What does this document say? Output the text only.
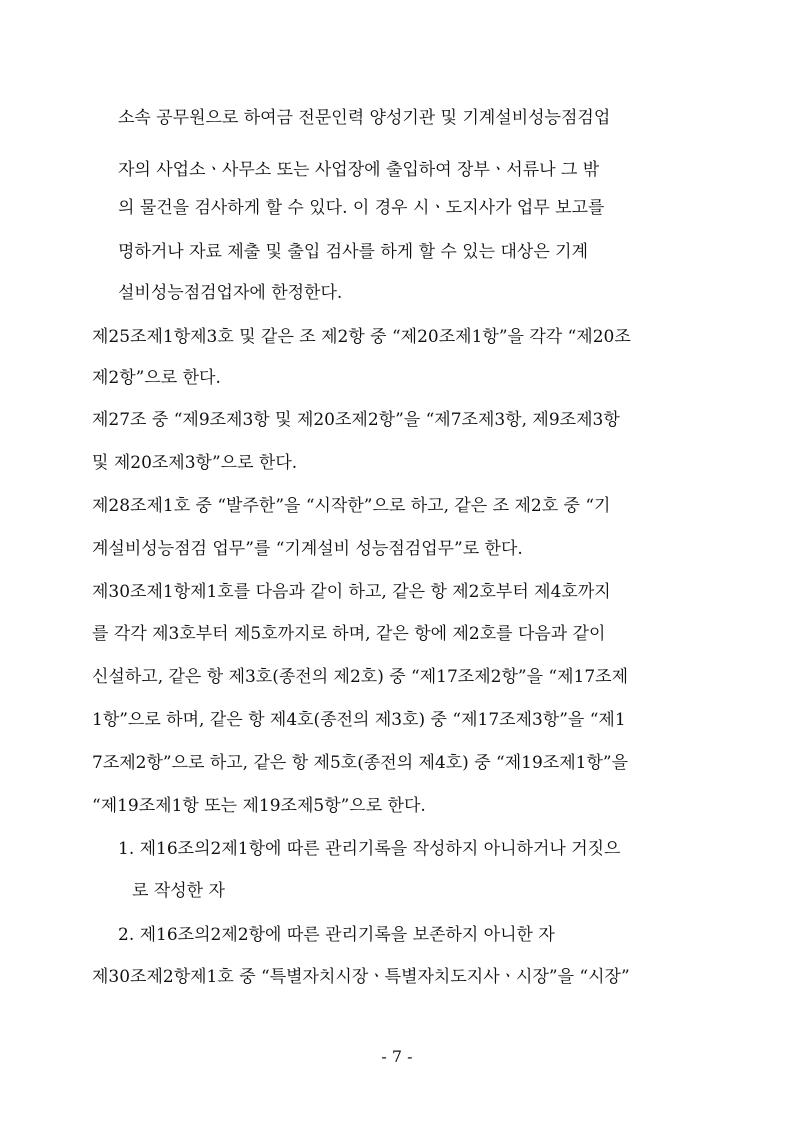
소속 공무원으로 하여금 전문인력 양성기관 및 기계설비성능점검업
자의 사업소ㆍ사무소 또는 사업장에 출입하여 장부ㆍ서류나 그 밖
의 물건을 검사하게 할 수 있다. 이 경우 시ㆍ도지사가 업무 보고를
명하거나 자료 제출 및 출입 검사를 하게 할 수 있는 대상은 기계
설비성능점검업자에 한정한다.
제25조제1항제3호 및 같은 조 제2항 중 “제20조제1항”을 각각 “제20조
제2항”으로 한다.
제27조 중 “제9조제3항 및 제20조제2항”을 “제7조제3항, 제9조제3항
및 제20조제3항”으로 한다.
제28조제1호 중 “발주한”을 “시작한”으로 하고, 같은 조 제2호 중 “기
계설비성능점검 업무”를 “기계설비 성능점검업무”로 한다.
제30조제1항제1호를 다음과 같이 하고, 같은 항 제2호부터 제4호까지
를 각각 제3호부터 제5호까지로 하며, 같은 항에 제2호를 다음과 같이
신설하고, 같은 항 제3호(종전의 제2호) 중 “제17조제2항”을 “제17조제
1항”으로 하며, 같은 항 제4호(종전의 제3호) 중 “제17조제3항”을 “제1
7조제2항”으로 하고, 같은 항 제5호(종전의 제4호) 중 “제19조제1항”을
“제19조제1항 또는 제19조제5항”으로 한다.
1. 제16조의2제1항에 따른 관리기록을 작성하지 아니하거나 거짓으
로 작성한 자
2. 제16조의2제2항에 따른 관리기록을 보존하지 아니한 자
제30조제2항제1호 중 “특별자치시장ㆍ특별자치도지사ㆍ시장”을 “시장”
- 7 -
